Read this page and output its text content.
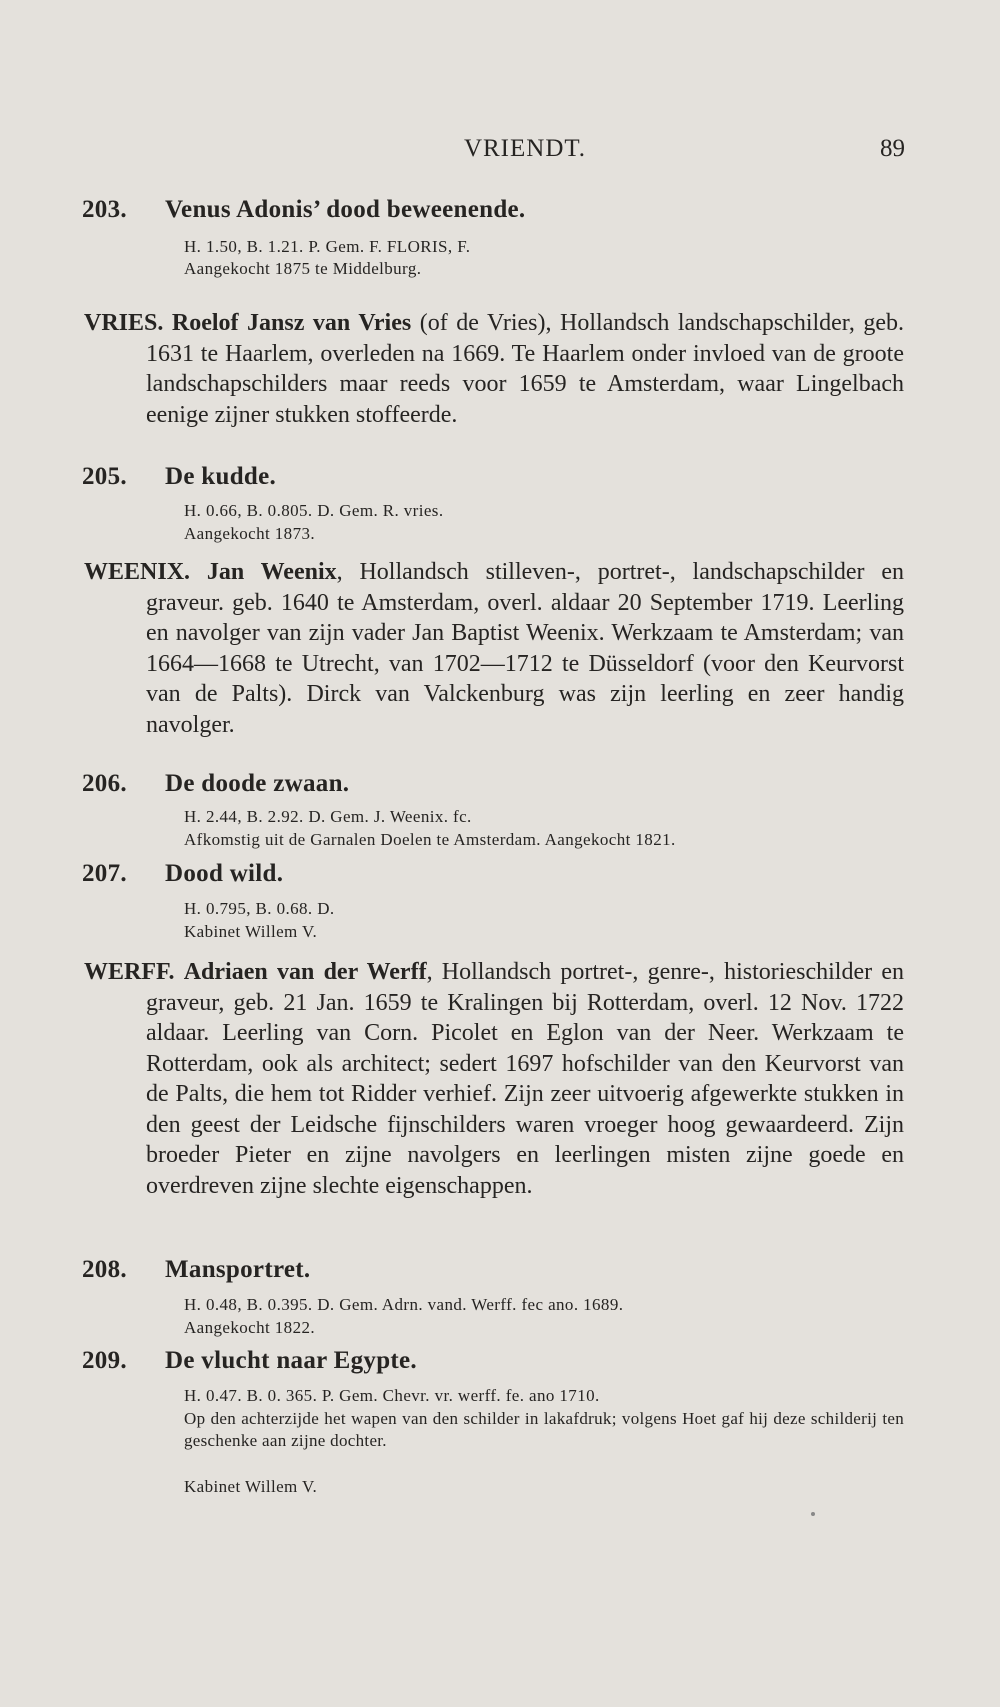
VRIENDT.	89
203. Venus Adonis’ dood beweenende.
H. 1.50, B. 1.21. P. Gem. F. FLORIS, F.
Aangekocht 1875 te Middelburg.
VRIES. Roelof Jansz van Vries (of de Vries), Hollandsch landschapschilder, geb. 1631 te Haarlem, overleden na 1669. Te Haarlem onder invloed van de groote landschapschilders maar reeds voor 1659 te Amsterdam, waar Lingelbach eenige zijner stukken stoffeerde.
205. De kudde.
H. 0.66, B. 0.805. D. Gem. R. vries.
Aangekocht 1873.
WEENIX. Jan Weenix, Hollandsch stilleven-, portret-, landschapschilder en graveur. geb. 1640 te Amsterdam, overl. aldaar 20 September 1719. Leerling en navolger van zijn vader Jan Baptist Weenix. Werkzaam te Amsterdam; van 1664—1668 te Utrecht, van 1702—1712 te Düsseldorf (voor den Keurvorst van de Palts). Dirck van Valckenburg was zijn leerling en zeer handig navolger.
206. De doode zwaan.
H. 2.44, B. 2.92. D. Gem. J. Weenix. fc.
Afkomstig uit de Garnalen Doelen te Amsterdam. Aangekocht 1821.
207. Dood wild.
H. 0.795, B. 0.68. D.
Kabinet Willem V.
WERFF. Adriaen van der Werff, Hollandsch portret-, genre-, historieschilder en graveur, geb. 21 Jan. 1659 te Kralingen bij Rotterdam, overl. 12 Nov. 1722 aldaar. Leerling van Corn. Picolet en Eglon van der Neer. Werkzaam te Rotterdam, ook als architect; sedert 1697 hofschilder van den Keurvorst van de Palts, die hem tot Ridder verhief. Zijn zeer uitvoerig afgewerkte stukken in den geest der Leidsche fijnschilders waren vroeger hoog gewaardeerd. Zijn broeder Pieter en zijne navolgers en leerlingen misten zijne goede en overdreven zijne slechte eigenschappen.
208. Mansportret.
H. 0.48, B. 0.395. D. Gem. Adrn. vand. Werff. fec ano. 1689.
Aangekocht 1822.
209. De vlucht naar Egypte.
H. 0.47. B. 0. 365. P. Gem. Chevr. vr. werff. fe. ano 1710.
Op den achterzijde het wapen van den schilder in lakafdruk; volgens Hoet gaf hij deze schilderij ten geschenke aan zijne dochter.
Kabinet Willem V.
